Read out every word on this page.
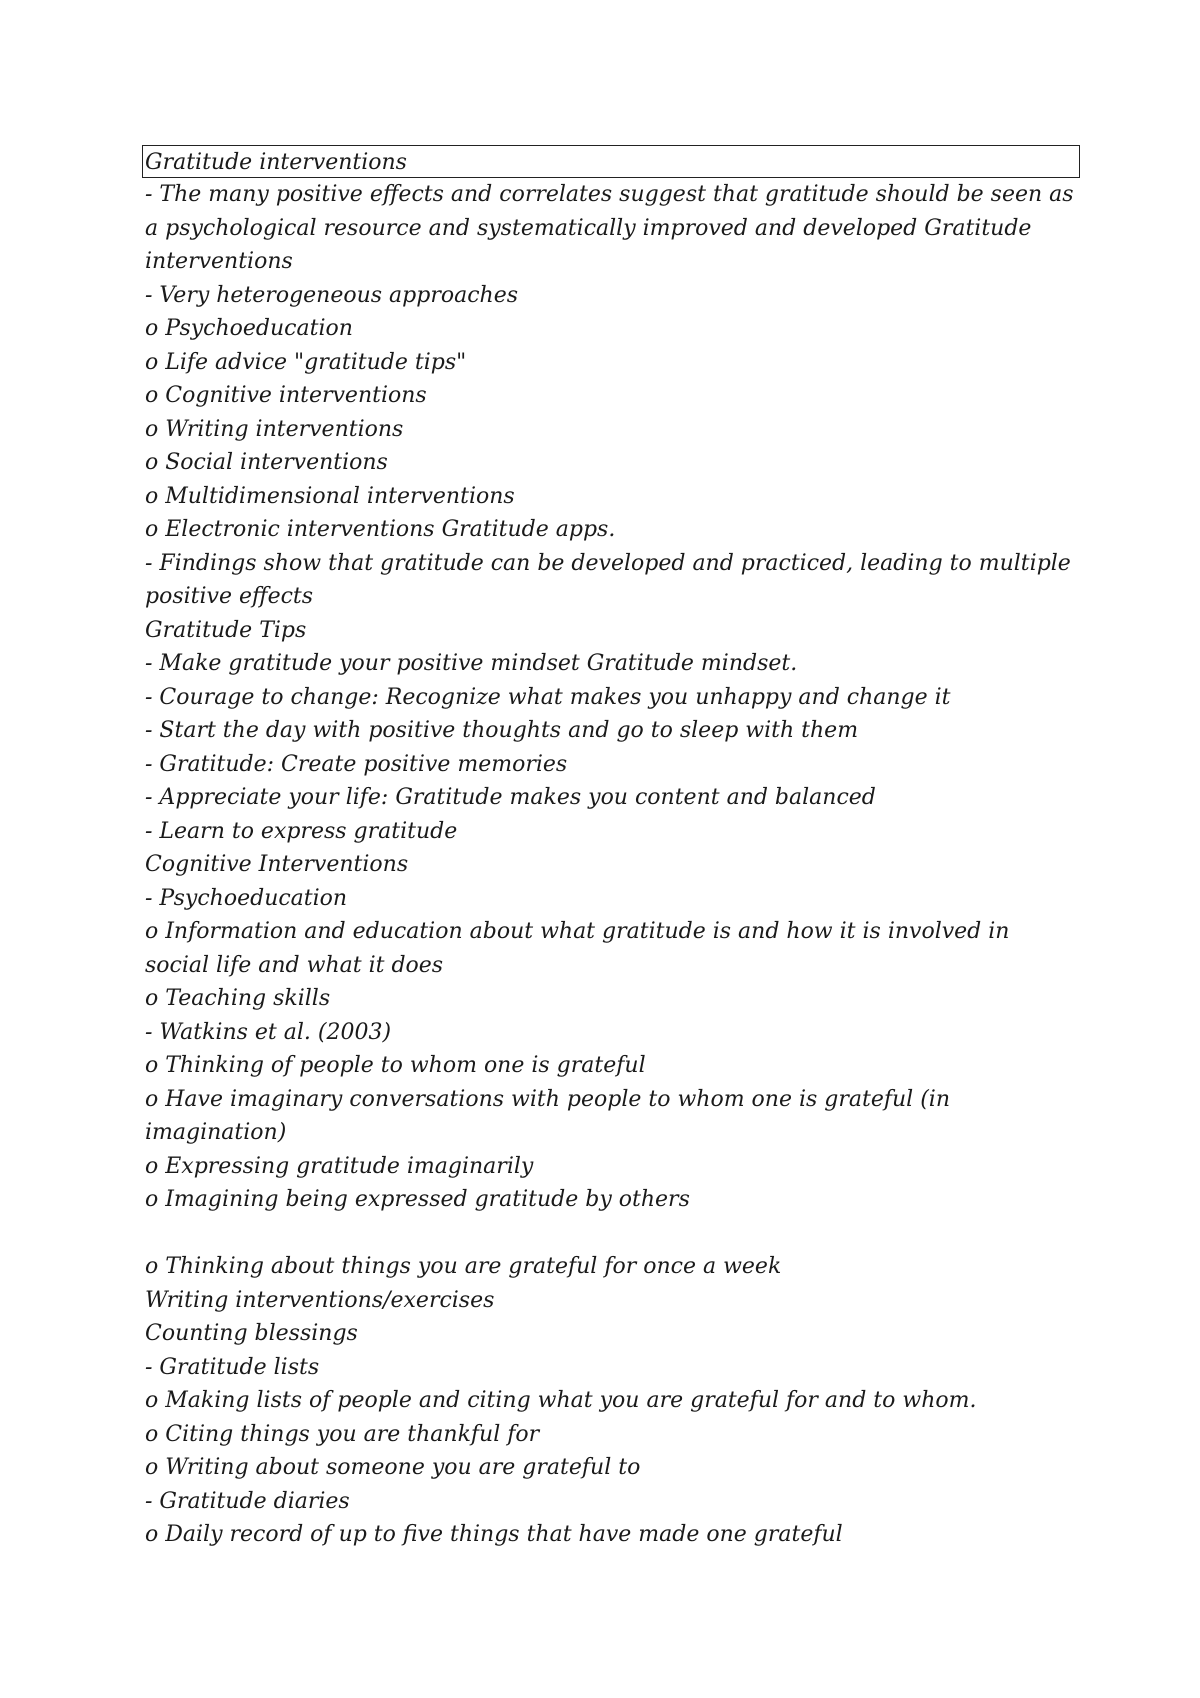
Gratitude interventions
- The many positive effects and correlates suggest that gratitude should be seen as a psychological resource and systematically improved and developed Gratitude interventions
- Very heterogeneous approaches
o Psychoeducation
o Life advice "gratitude tips"
o Cognitive interventions
o Writing interventions
o Social interventions
o Multidimensional interventions
o Electronic interventions Gratitude apps.
- Findings show that gratitude can be developed and practiced, leading to multiple positive effects
Gratitude Tips
- Make gratitude your positive mindset Gratitude mindset.
- Courage to change: Recognize what makes you unhappy and change it
- Start the day with positive thoughts and go to sleep with them
- Gratitude: Create positive memories
- Appreciate your life: Gratitude makes you content and balanced
- Learn to express gratitude
Cognitive Interventions
- Psychoeducation
o Information and education about what gratitude is and how it is involved in social life and what it does
o Teaching skills
- Watkins et al. (2003)
o Thinking of people to whom one is grateful
o Have imaginary conversations with people to whom one is grateful (in imagination)
o Expressing gratitude imaginarily
o Imagining being expressed gratitude by others
o Thinking about things you are grateful for once a week
Writing interventions/exercises
Counting blessings
- Gratitude lists
o Making lists of people and citing what you are grateful for and to whom.
o Citing things you are thankful for
o Writing about someone you are grateful to
- Gratitude diaries
o Daily record of up to five things that have made one grateful
